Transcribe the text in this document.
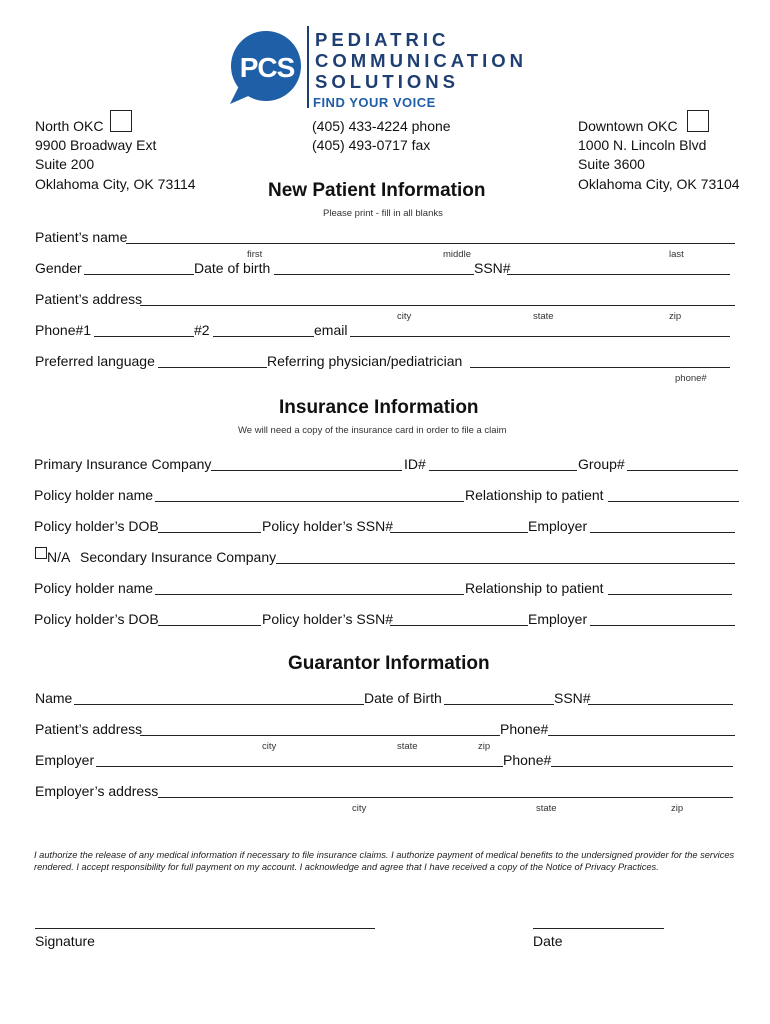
PCS
PEDIATRIC
COMMUNICATION
SOLUTIONS
FIND YOUR VOICE
North OKC
9900 Broadway Ext
Suite 200
Oklahoma City, OK 73114
(405) 433-4224 phone
(405) 493-0717 fax
Downtown OKC
1000 N. Lincoln Blvd
Suite 3600
Oklahoma City, OK 73104
New Patient Information
Please print - fill in all blanks
Patient’s name
first	middle	last
Gender	Date of birth	SSN#
Patient’s address
city	state	zip
Phone#1	#2	email
Preferred language	Referring physician/pediatrician
phone#
Insurance Information
We will need a copy of the insurance card in order to file a claim
Primary Insurance Company	ID#	Group#
Policy holder name	Relationship to patient
Policy holder’s DOB	Policy holder’s SSN#	Employer
N/A Secondary Insurance Company
Policy holder name	Relationship to patient
Policy holder’s DOB	Policy holder’s SSN#	Employer
Guarantor Information
Name	Date of Birth	SSN#
Patient’s address	Phone#
city	state	zip
Employer	Phone#
Employer’s address
city	state	zip
I authorize the release of any medical information if necessary to file insurance claims. I authorize payment of medical benefits to the undersigned provider for the services rendered. I accept responsibility for full payment on my account. I acknowledge and agree that I have received a copy of the Notice of Privacy Practices.
Signature	Date
